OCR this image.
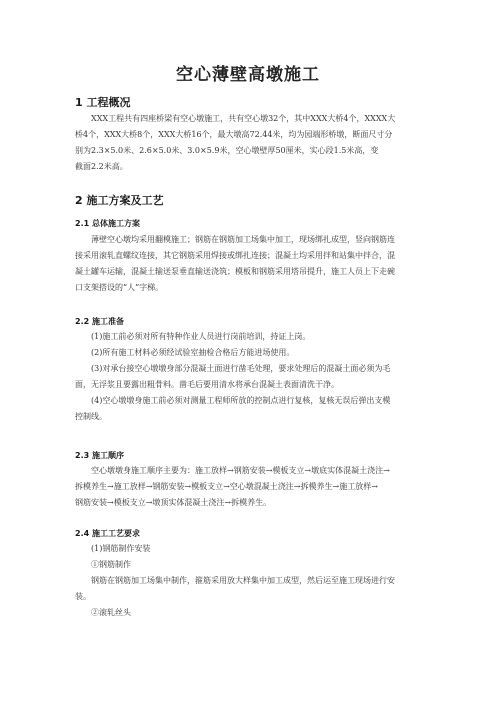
空心薄壁高墩施工
1 工程概况
XXX工程共有四座桥梁有空心墩施工，共有空心墩32个，其中XXX大桥4个，XXXX大
桥4个，XXX大桥8个，XXX大桥16个，最大墩高72.44米，均为园端形桥墩，断面尺寸分
别为2.3×5.0米、2.6×5.0米、3.0×5.9米，空心墩壁厚50厘米，实心段1.5米高，变
截面2.2米高。
2 施工方案及工艺
2.1 总体施工方案
薄壁空心墩均采用翻模施工；钢筋在钢筋加工场集中加工，现场绑扎成型，竖向钢筋连
接采用滚轧直螺纹连接，其它钢筋采用焊接或绑扎连接；混凝土均采用拌和站集中拌合，混
凝土罐车运输，混凝土输送泵垂直输送浇筑；模板和钢筋采用塔吊提升，施工人员上下走碗
口支架搭设的“人”字梯。
2.2 施工准备
(1)施工前必须对所有特种作业人员进行岗前培训，持证上岗。
(2)所有施工材料必须经试验室抽检合格后方能进场使用。
(3)对承台接空心墩墩身部分混凝土面进行凿毛处理，要求处理后的混凝土面必须为毛
面，无浮浆且要露出粗骨料。凿毛后要用清水将承台混凝土表面清洗干净。
(4)空心墩墩身施工前必须对测量工程师所放的控制点进行复核，复核无误后弹出支模
控制线。
2.3 施工顺序
空心墩墩身施工顺序主要为：施工放样→钢筋安装→模板支立→墩底实体混凝土浇注→
拆模养生→施工放样→钢筋安装→模板支立→空心墩混凝土浇注→拆模养生→施工放样→
钢筋安装→模板支立→墩顶实体混凝土浇注→拆模养生。
2.4 施工工艺要求
(1)钢筋制作安装
①钢筋制作
钢筋在钢筋加工场集中制作，箍筋采用放大样集中加工成型，然后运至施工现场进行安
装。
②滚轧丝头
